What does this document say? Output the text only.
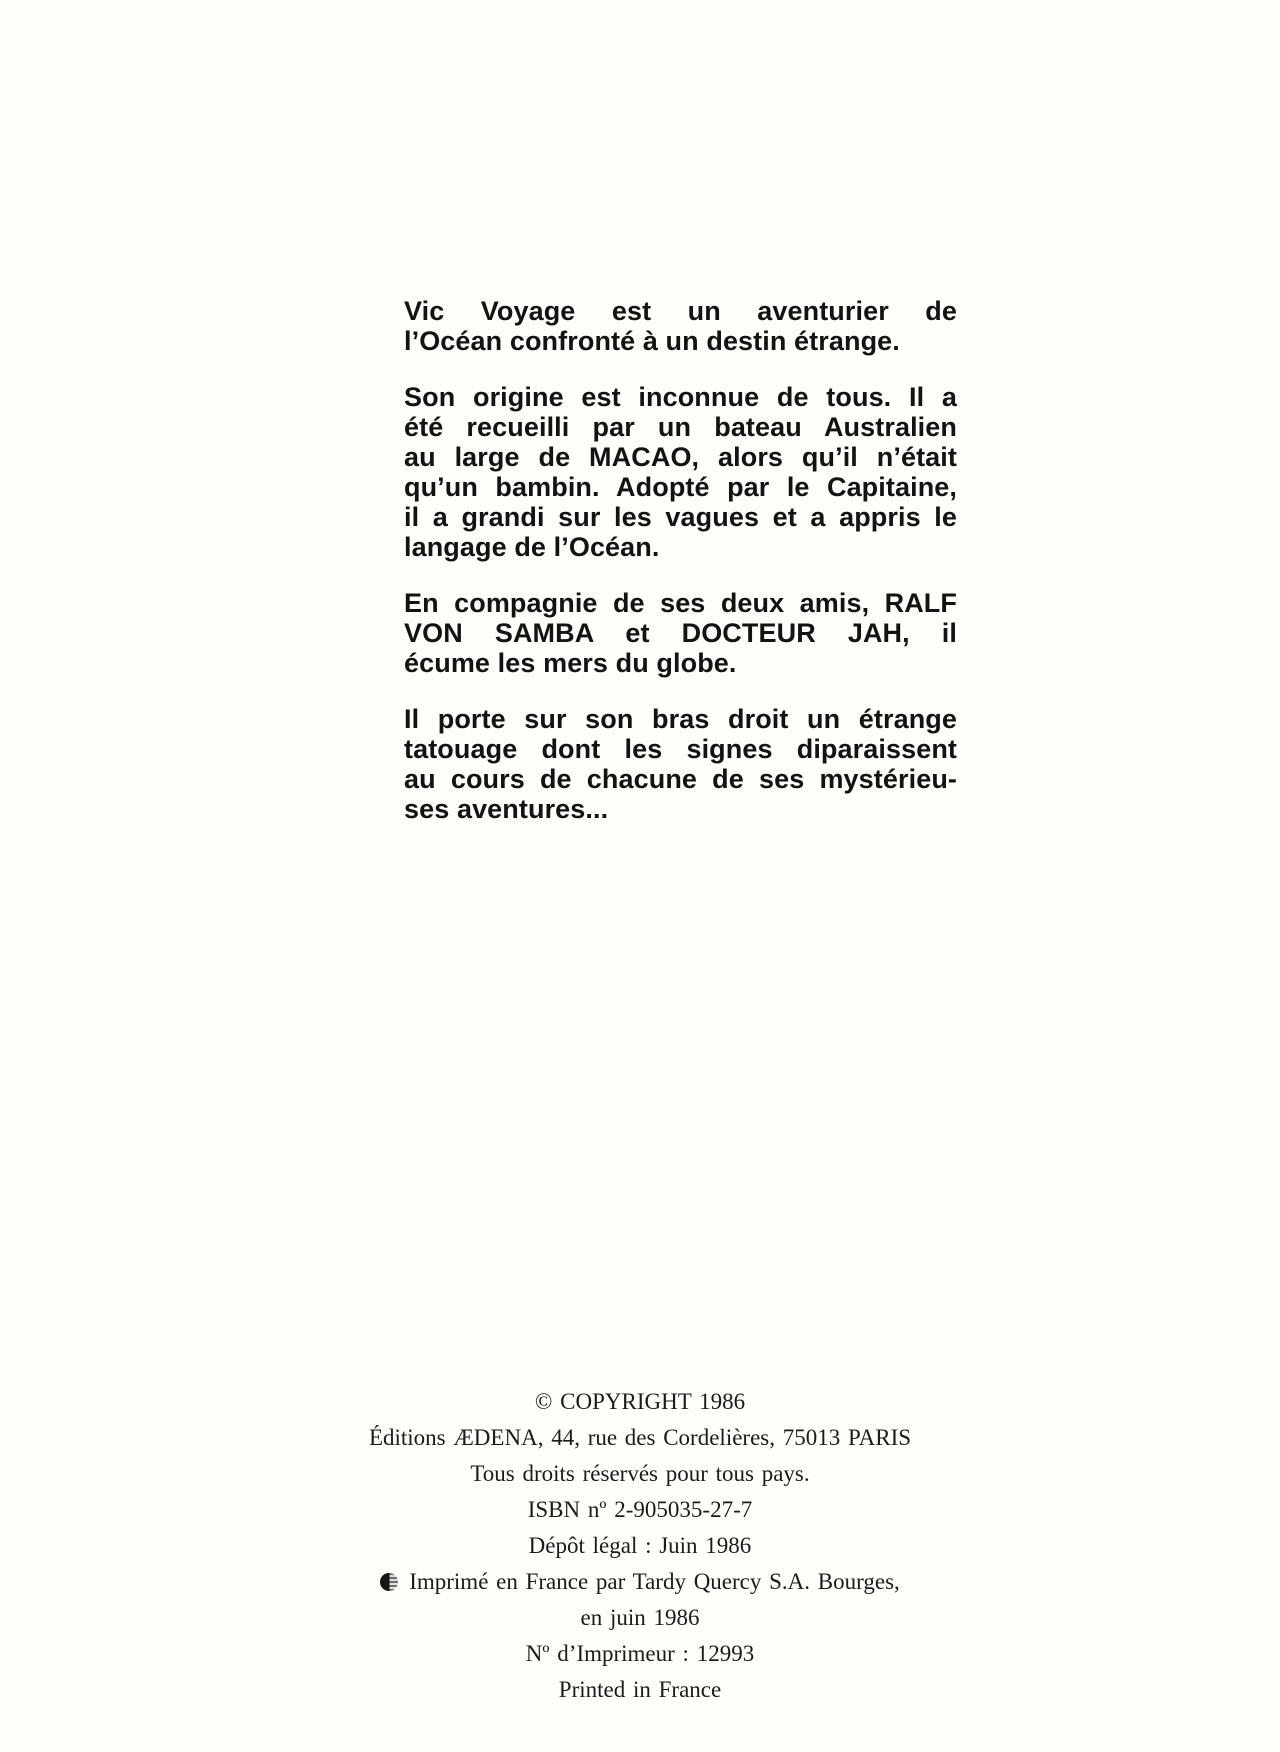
Vic Voyage est un aventurier de
l’Océan confronté à un destin étrange.
Son origine est inconnue de tous. Il a
été recueilli par un bateau Australien
au large de MACAO, alors qu’il n’était
qu’un bambin. Adopté par le Capitaine,
il a grandi sur les vagues et a appris le
langage de l’Océan.
En compagnie de ses deux amis, RALF
VON SAMBA et DOCTEUR JAH, il
écume les mers du globe.
Il porte sur son bras droit un étrange
tatouage dont les signes diparaissent
au cours de chacune de ses mystérieu-
ses aventures...
© COPYRIGHT 1986
Éditions ÆDENA, 44, rue des Cordelières, 75013 PARIS
Tous droits réservés pour tous pays.
ISBN nº 2-905035-27-7
Dépôt légal : Juin 1986
Imprimé en France par Tardy Quercy S.A. Bourges,
en juin 1986
Nº d’Imprimeur : 12993
Printed in France
